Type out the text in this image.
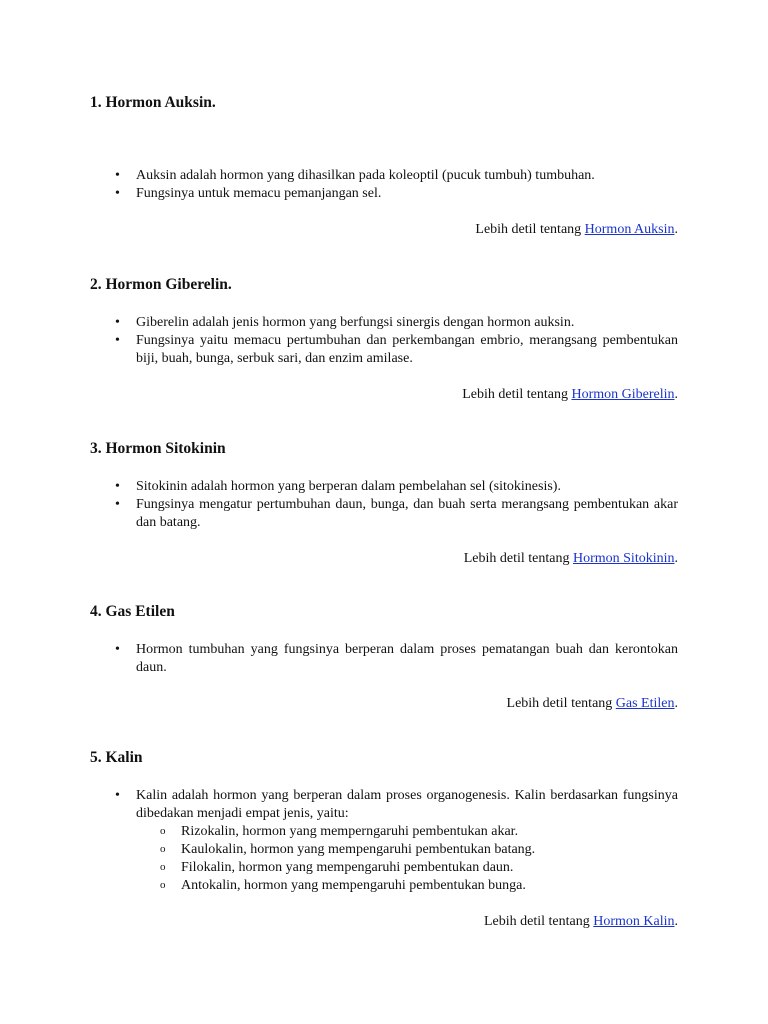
1. Hormon Auksin.
• Auksin adalah hormon yang dihasilkan pada koleoptil (pucuk tumbuh) tumbuhan.
• Fungsinya untuk memacu pemanjangan sel.
Lebih detil tentang Hormon Auksin.
2. Hormon Giberelin.
• Giberelin adalah jenis hormon yang berfungsi sinergis dengan hormon auksin.
• Fungsinya yaitu memacu pertumbuhan dan perkembangan embrio, merangsang pembentukan biji, buah, bunga, serbuk sari, dan enzim amilase.
Lebih detil tentang Hormon Giberelin.
3. Hormon Sitokinin
• Sitokinin adalah hormon yang berperan dalam pembelahan sel (sitokinesis).
• Fungsinya mengatur pertumbuhan daun, bunga, dan buah serta merangsang pembentukan akar dan batang.
Lebih detil tentang Hormon Sitokinin.
4. Gas Etilen
• Hormon tumbuhan yang fungsinya berperan dalam proses pematangan buah dan kerontokan daun.
Lebih detil tentang Gas Etilen.
5. Kalin
• Kalin adalah hormon yang berperan dalam proses organogenesis. Kalin berdasarkan fungsinya dibedakan menjadi empat jenis, yaitu:
o Rizokalin, hormon yang memperngaruhi pembentukan akar.
o Kaulokalin, hormon yang mempengaruhi pembentukan batang.
o Filokalin, hormon yang mempengaruhi pembentukan daun.
o Antokalin, hormon yang mempengaruhi pembentukan bunga.
Lebih detil tentang Hormon Kalin.
